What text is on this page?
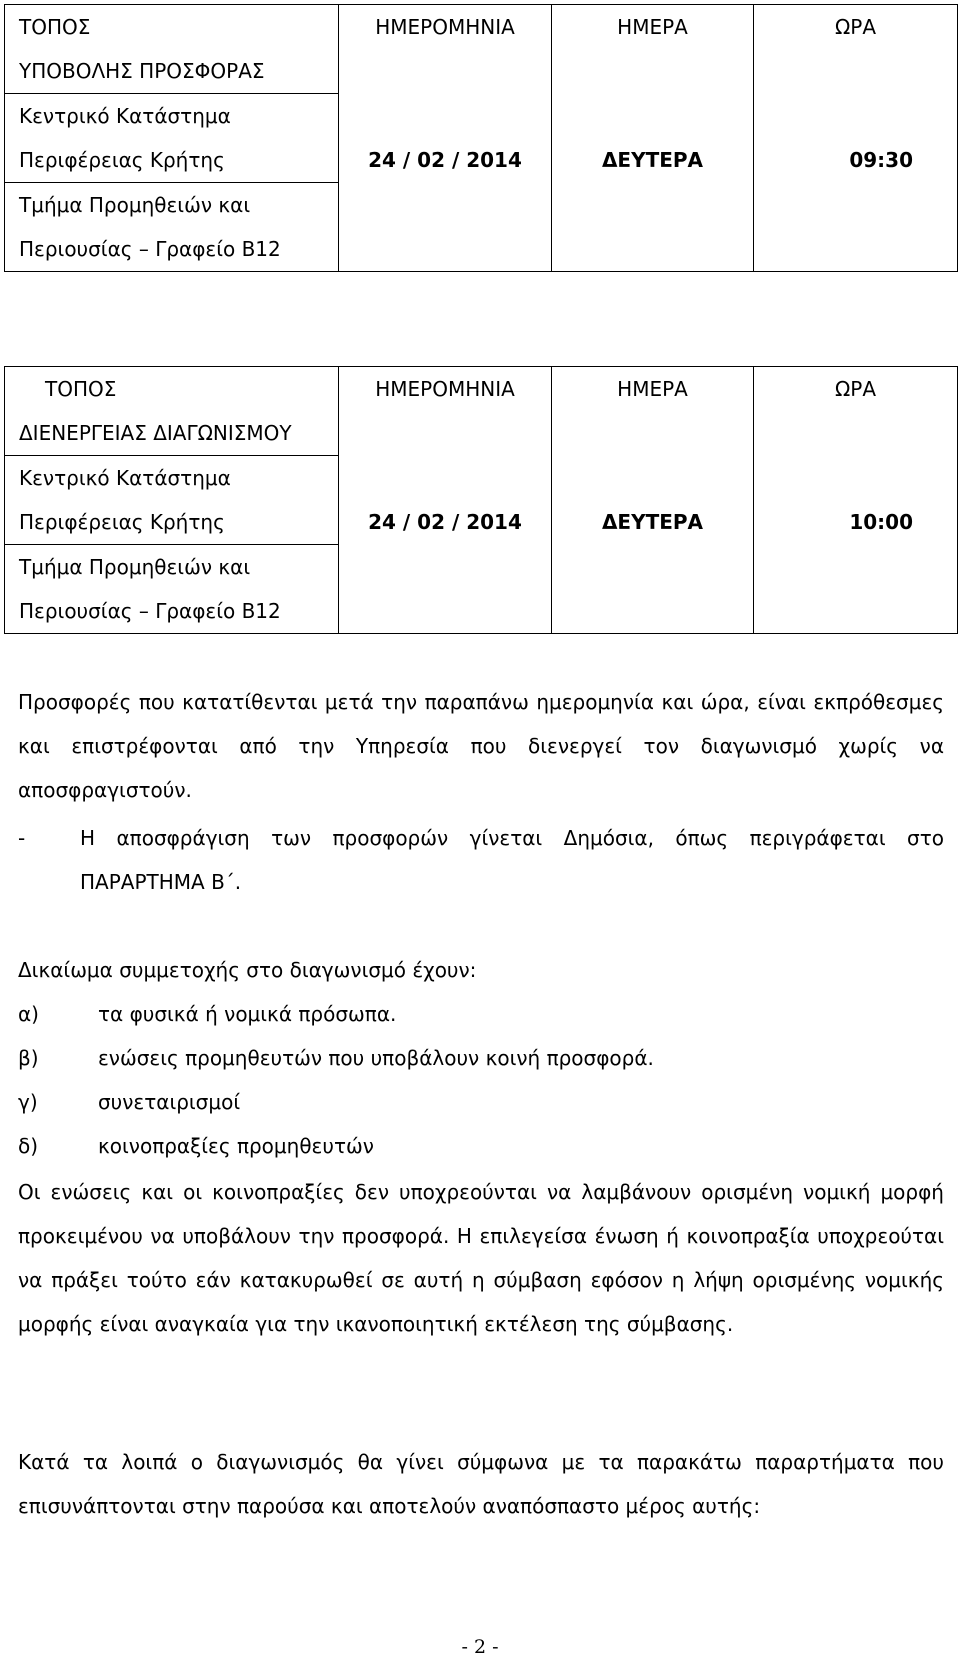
ΤΟΠΟΣ	ΗΜΕΡΟΜΗΝΙΑ	ΗΜΕΡΑ	ΩΡΑ
ΥΠΟΒΟΛΗΣ ΠΡΟΣΦΟΡΑΣ	24 / 02 / 2014	ΔΕΥΤΕΡΑ	09:30
Κεντρικό Κατάστημα			
Περιφέρειας Κρήτης			
Τμήμα Προμηθειών και			
Περιουσίας – Γραφείο Β12			
ΤΟΠΟΣ	ΗΜΕΡΟΜΗΝΙΑ	ΗΜΕΡΑ	ΩΡΑ
ΔΙΕΝΕΡΓΕΙΑΣ ΔΙΑΓΩΝΙΣΜΟΥ	24 / 02 / 2014	ΔΕΥΤΕΡΑ	10:00
Κεντρικό Κατάστημα			
Περιφέρειας Κρήτης			
Τμήμα Προμηθειών και			
Περιουσίας – Γραφείο Β12			
Προσφορές που κατατίθενται μετά την παραπάνω ημερομηνία και ώρα, είναι εκπρόθεσμες και επιστρέφονται από την Υπηρεσία που διενεργεί τον διαγωνισμό χωρίς να αποσφραγιστούν.
-	Η αποσφράγιση των προσφορών γίνεται Δημόσια, όπως περιγράφεται στο ΠΑΡΑΡΤΗΜΑ Β΄.
Δικαίωμα συμμετοχής στο διαγωνισμό έχουν:
α)	τα φυσικά ή νομικά πρόσωπα.
β)	ενώσεις προμηθευτών που υποβάλουν κοινή προσφορά.
γ)	συνεταιρισμοί
δ)	κοινοπραξίες προμηθευτών
Οι ενώσεις και οι κοινοπραξίες δεν υποχρεούνται να λαμβάνουν ορισμένη νομική μορφή προκειμένου να υποβάλουν την προσφορά. Η επιλεγείσα ένωση ή κοινοπραξία υποχρεούται να πράξει τούτο εάν κατακυρωθεί σε αυτή η σύμβαση εφόσον η λήψη ορισμένης νομικής μορφής είναι αναγκαία για την ικανοποιητική εκτέλεση της σύμβασης.
Κατά τα λοιπά ο διαγωνισμός θα γίνει σύμφωνα με τα παρακάτω παραρτήματα που επισυνάπτονται στην παρούσα και αποτελούν αναπόσπαστο μέρος αυτής:
- 2 -
